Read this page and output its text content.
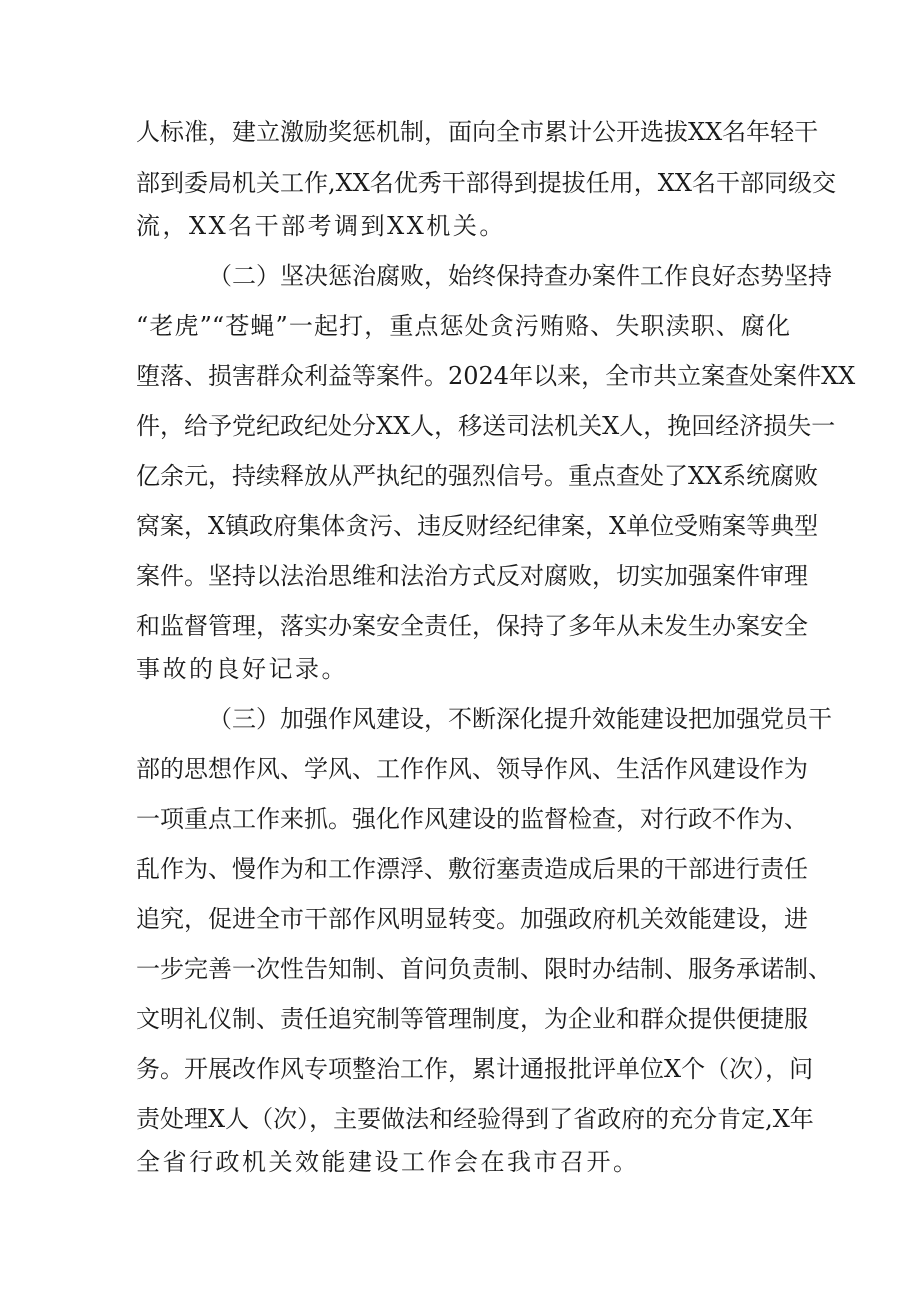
人标准，建立激励奖惩机制，面向全市累计公开选拔XX名年轻干
部到委局机关工作,XX名优秀干部得到提拔任用，XX名干部同级交
流，XX名干部考调到XX机关。
（二）坚决惩治腐败，始终保持查办案件工作良好态势坚持
“老虎”“苍蝇”一起打，重点惩处贪污贿赂、失职渎职、腐化
堕落、损害群众利益等案件。2024年以来，全市共立案查处案件XX
件，给予党纪政纪处分XX人，移送司法机关X人，挽回经济损失一
亿余元，持续释放从严执纪的强烈信号。重点查处了XX系统腐败
窝案，X镇政府集体贪污、违反财经纪律案，X单位受贿案等典型
案件。坚持以法治思维和法治方式反对腐败，切实加强案件审理
和监督管理，落实办案安全责任，保持了多年从未发生办案安全
事故的良好记录。
（三）加强作风建设，不断深化提升效能建设把加强党员干
部的思想作风、学风、工作作风、领导作风、生活作风建设作为
一项重点工作来抓。强化作风建设的监督检查，对行政不作为、
乱作为、慢作为和工作漂浮、敷衍塞责造成后果的干部进行责任
追究，促进全市干部作风明显转变。加强政府机关效能建设，进
一步完善一次性告知制、首问负责制、限时办结制、服务承诺制、
文明礼仪制、责任追究制等管理制度，为企业和群众提供便捷服
务。开展改作风专项整治工作，累计通报批评单位X个（次），问
责处理X人（次），主要做法和经验得到了省政府的充分肯定,X年
全省行政机关效能建设工作会在我市召开。
